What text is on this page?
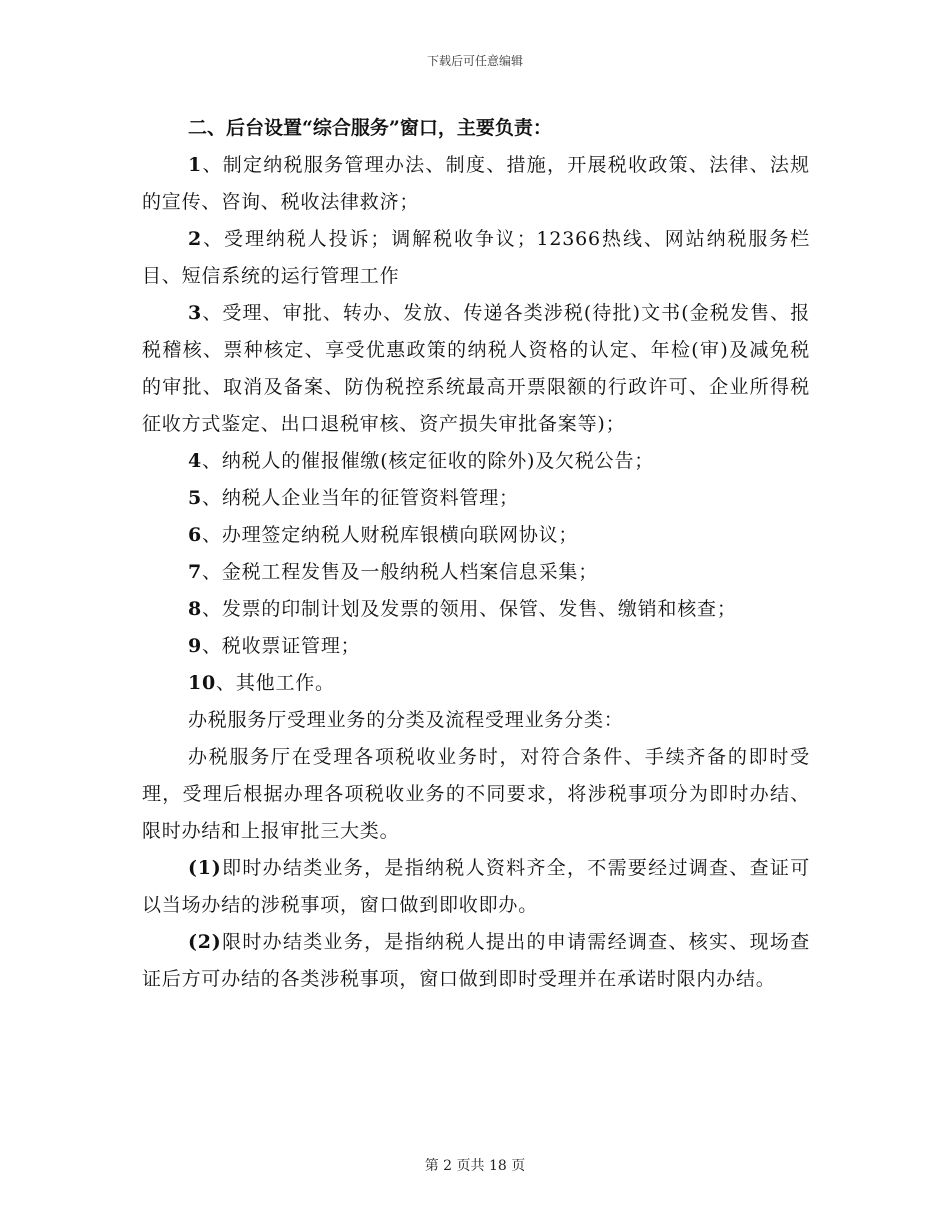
下载后可任意编辑

二、后台设置“综合服务”窗口，主要负责：

1、制定纳税服务管理办法、制度、措施，开展税收政策、法律、法规的宣传、咨询、税收法律救济；

2、受理纳税人投诉；调解税收争议；12366热线、网站纳税服务栏目、短信系统的运行管理工作

3、受理、审批、转办、发放、传递各类涉税(待批)文书(金税发售、报税稽核、票种核定、享受优惠政策的纳税人资格的认定、年检(审)及减免税的审批、取消及备案、防伪税控系统最高开票限额的行政许可、企业所得税征收方式鉴定、出口退税审核、资产损失审批备案等)；

4、纳税人的催报催缴(核定征收的除外)及欠税公告；

5、纳税人企业当年的征管资料管理；

6、办理签定纳税人财税库银横向联网协议；

7、金税工程发售及一般纳税人档案信息采集；

8、发票的印制计划及发票的领用、保管、发售、缴销和核查；

9、税收票证管理；

10、其他工作。

办税服务厅受理业务的分类及流程受理业务分类：

办税服务厅在受理各项税收业务时，对符合条件、手续齐备的即时受理，受理后根据办理各项税收业务的不同要求，将涉税事项分为即时办结、限时办结和上报审批三大类。

(1)即时办结类业务，是指纳税人资料齐全，不需要经过调查、查证可以当场办结的涉税事项，窗口做到即收即办。

(2)限时办结类业务，是指纳税人提出的申请需经调查、核实、现场查证后方可办结的各类涉税事项，窗口做到即时受理并在承诺时限内办结。

第 2 页共 18 页
